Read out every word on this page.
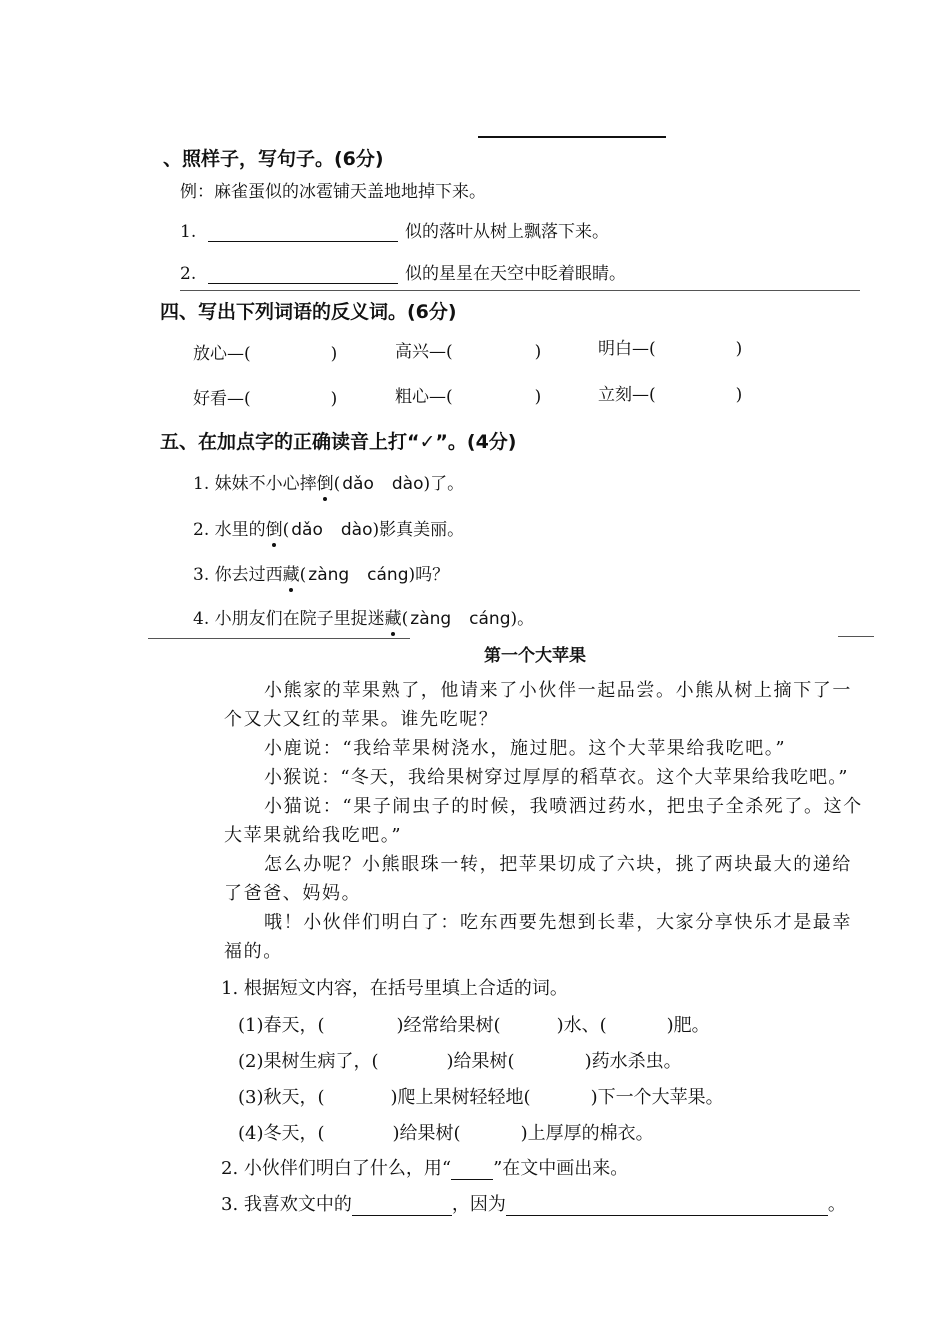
、照样子，写句子。(6分)
例：麻雀蛋似的冰雹铺天盖地地掉下来。
1.	似的落叶从树上飘落下来。
2.	似的星星在天空中眨着眼睛。
四、写出下列词语的反义词。(6分)
放心—(	)	高兴—(	)	明白—(	)
好看—(	)	粗心—(	)	立刻—(	)
五、在加点字的正确读音上打“✓”。(4分)
1. 妹妹不小心摔倒( dǎo dào)了。
2. 水里的倒( dǎo dào)影真美丽。
3. 你去过西藏( zàng cáng)吗？
4. 小朋友们在院子里捉迷藏( zàng cáng)。
第一个大苹果
小熊家的苹果熟了，他请来了小伙伴一起品尝。小熊从树上摘下了一个又大又红的苹果。谁先吃呢？
小鹿说：“我给苹果树浇水，施过肥。这个大苹果给我吃吧。”
小猴说：“冬天，我给果树穿过厚厚的稻草衣。这个大苹果给我吃吧。”
小猫说：“果子闹虫子的时候，我喷洒过药水，把虫子全杀死了。这个大苹果就给我吃吧。”
怎么办呢？小熊眼珠一转，把苹果切成了六块，挑了两块最大的递给了爸爸、妈妈。
哦！小伙伴们明白了：吃东西要先想到长辈，大家分享快乐才是最幸福的。
1. 根据短文内容，在括号里填上合适的词。
(1)春天，(	)经常给果树(	)水、(	)肥。
(2)果树生病了，(	)给果树(	)药水杀虫。
(3)秋天，(	)爬上果树轻轻地(	)下一个大苹果。
(4)冬天，(	)给果树(	)上厚厚的棉衣。
2. 小伙伴们明白了什么，用“ ”在文中画出来。
3. 我喜欢文中的	，因为	。
